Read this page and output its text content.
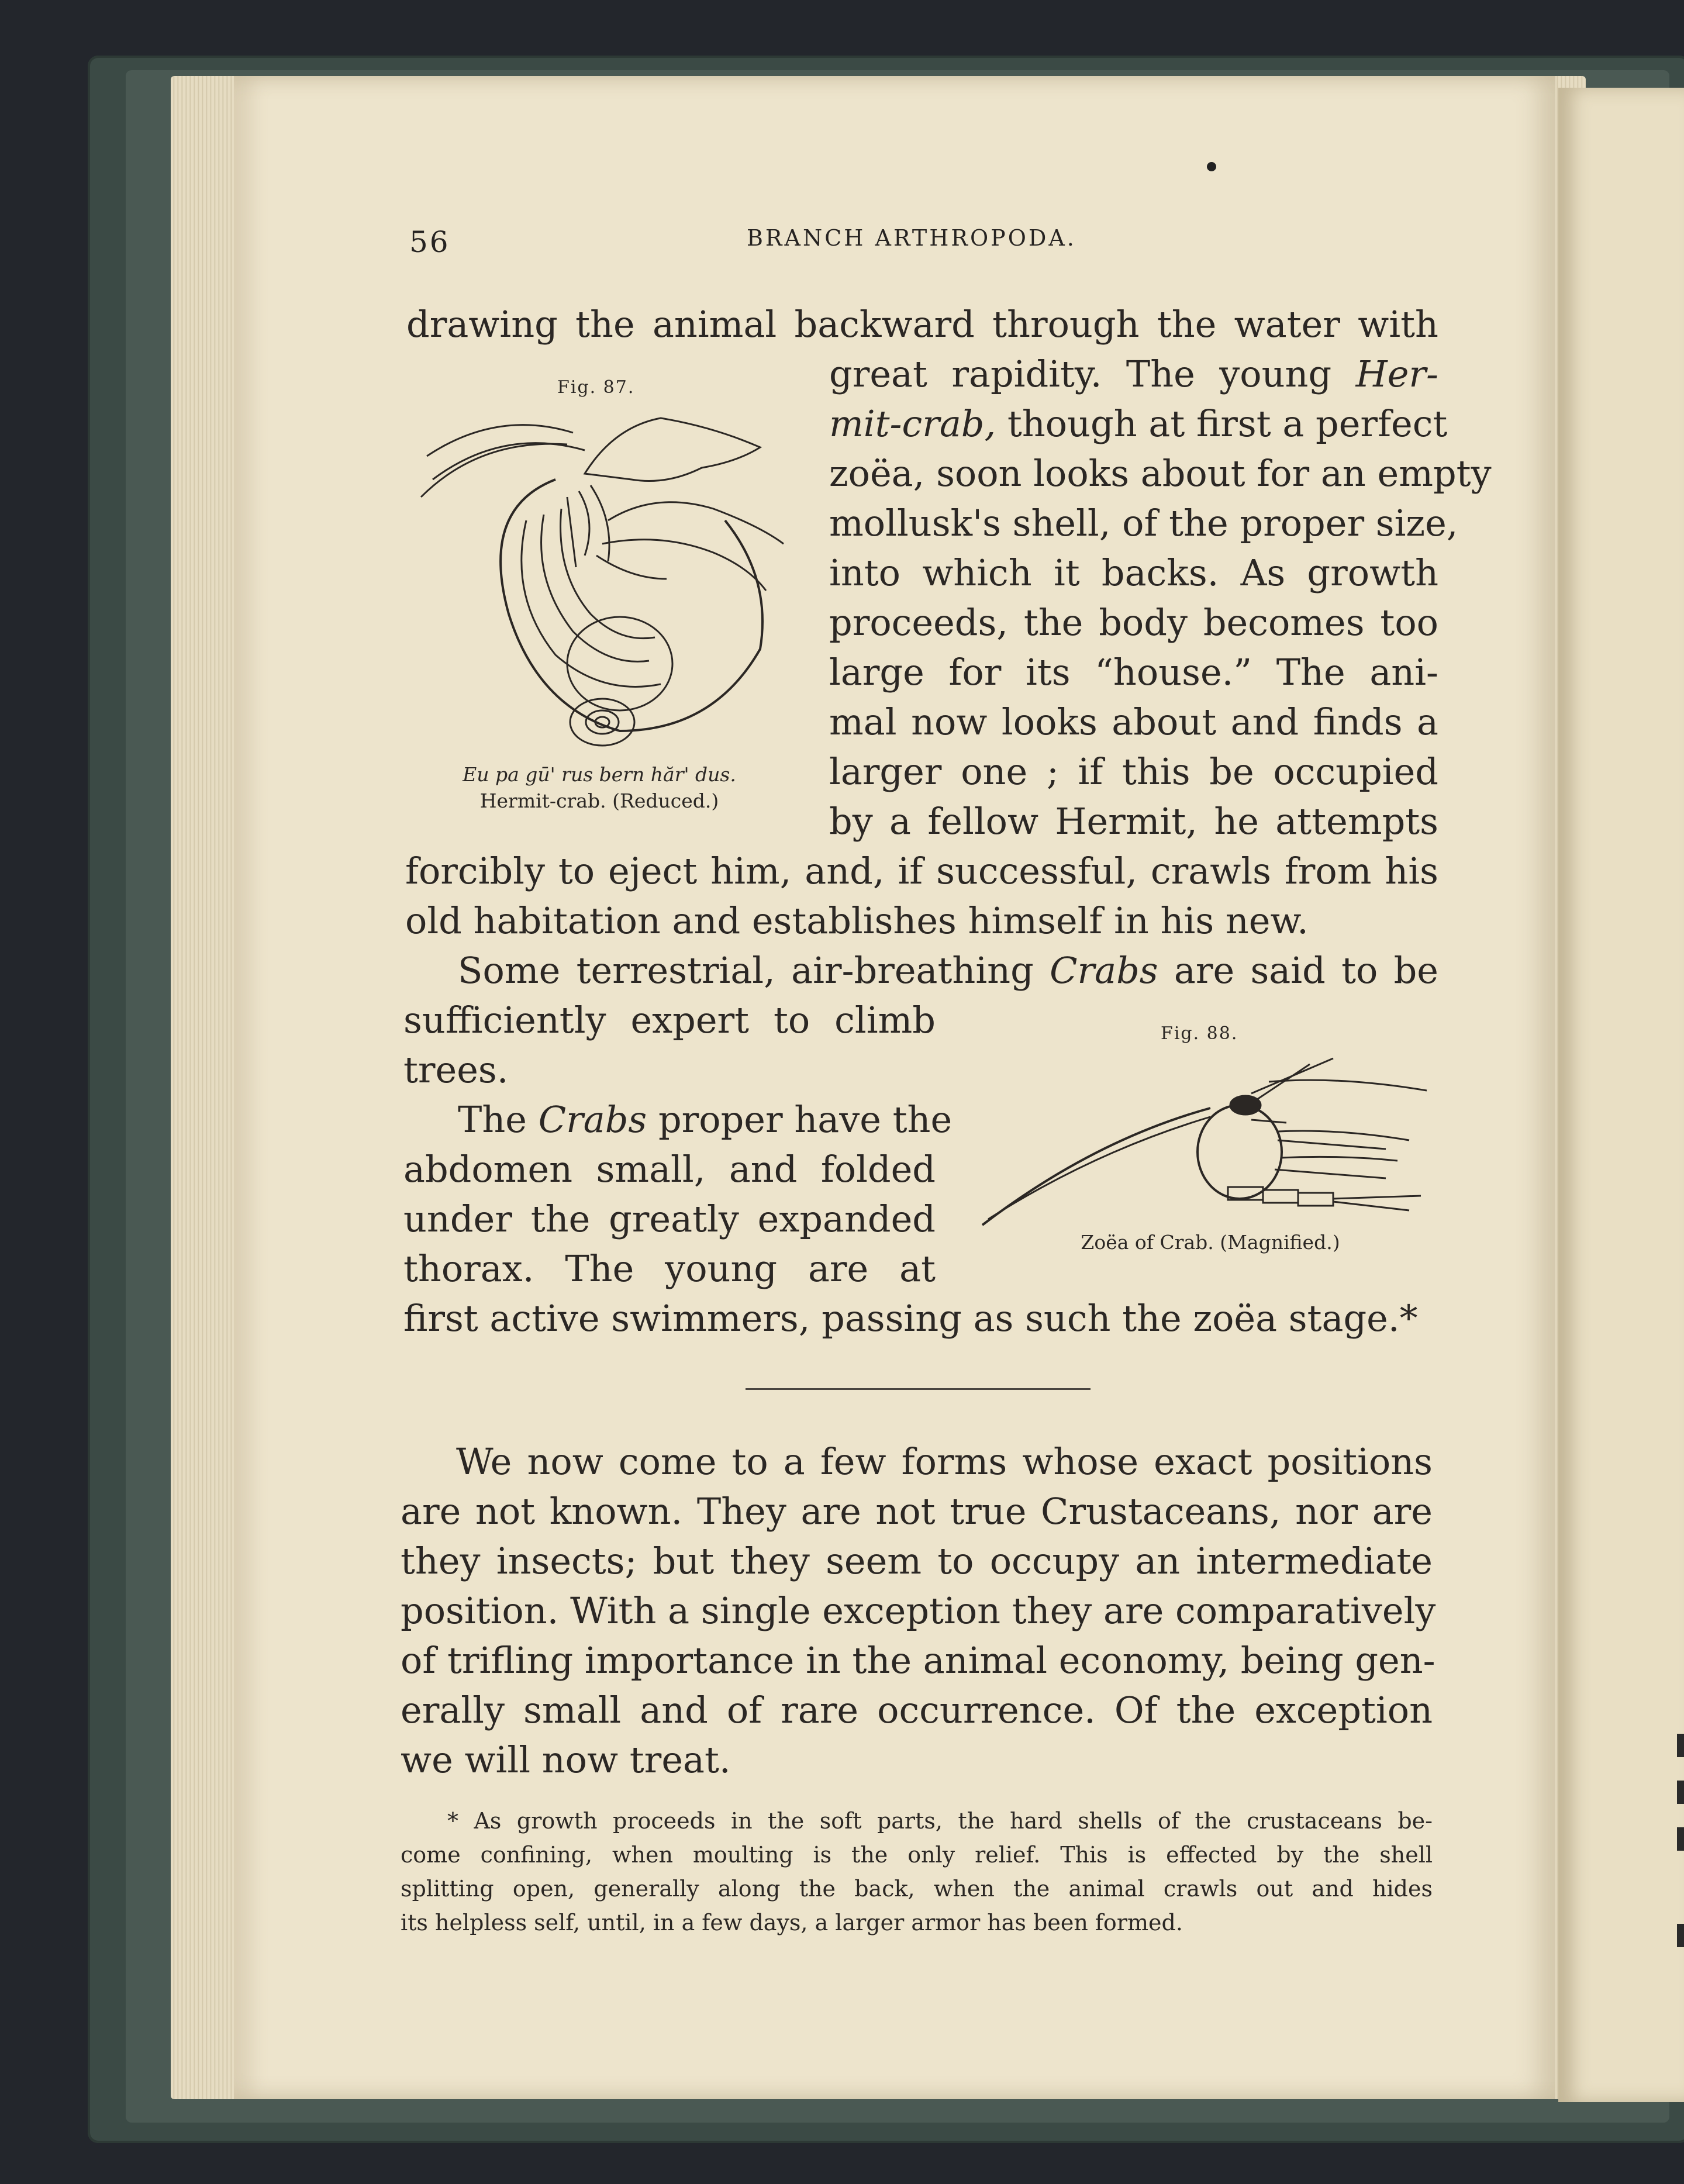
56	BRANCH ARTHROPODA.
drawing the animal backward through the water with
great rapidity. The young Her-
mit-crab, though at first a perfect
zoëa, soon looks about for an empty
mollusk's shell, of the proper size,
into which it backs. As growth
proceeds, the body becomes too
large for its “house.” The ani-
mal now looks about and finds a
larger one ; if this be occupied
by a fellow Hermit, he attempts
forcibly to eject him, and, if successful, crawls from his
old habitation and establishes himself in his new.
Some terrestrial, air-breathing Crabs are said to be
sufficiently expert to climb
trees.
The Crabs proper have the
abdomen small, and folded
under the greatly expanded
thorax. The young are at
first active swimmers, passing as such the zoëa stage.*
We now come to a few forms whose exact positions
are not known. They are not true Crustaceans, nor are
they insects; but they seem to occupy an intermediate
position. With a single exception they are comparatively
of trifling importance in the animal economy, being gen-
erally small and of rare occurrence. Of the exception
we will now treat.
* As growth proceeds in the soft parts, the hard shells of the crustaceans be-
come confining, when moulting is the only relief. This is effected by the shell
splitting open, generally along the back, when the animal crawls out and hides
its helpless self, until, in a few days, a larger armor has been formed.
Fig. 87.
Eu pa gū' rus bern hăr' dus.
Hermit-crab. (Reduced.)
Fig. 88.
Zoëa of Crab. (Magnified.)
